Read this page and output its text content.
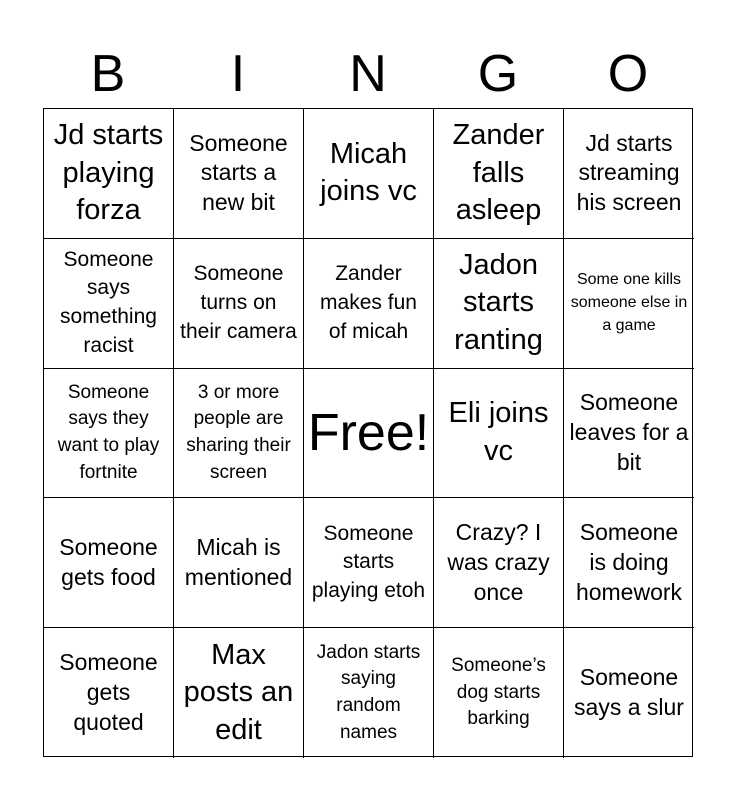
B	I	N	G	O
Jd starts playing forza
Someone starts a new bit
Micah joins vc
Zander falls asleep
Jd starts streaming his screen
Someone says something racist
Someone turns on their camera
Zander makes fun of micah
Jadon starts ranting
Some one kills someone else in a game
Someone says they want to play fortnite
3 or more people are sharing their screen
Free! Eli joins vc
Someone leaves for a bit
Someone gets food
Micah is mentioned
Someone starts playing etoh
Crazy? I was crazy once
Someone is doing homework
Someone gets quoted
Max posts an edit
Jadon starts saying random names
Someone’s dog starts barking
Someone says a slur
